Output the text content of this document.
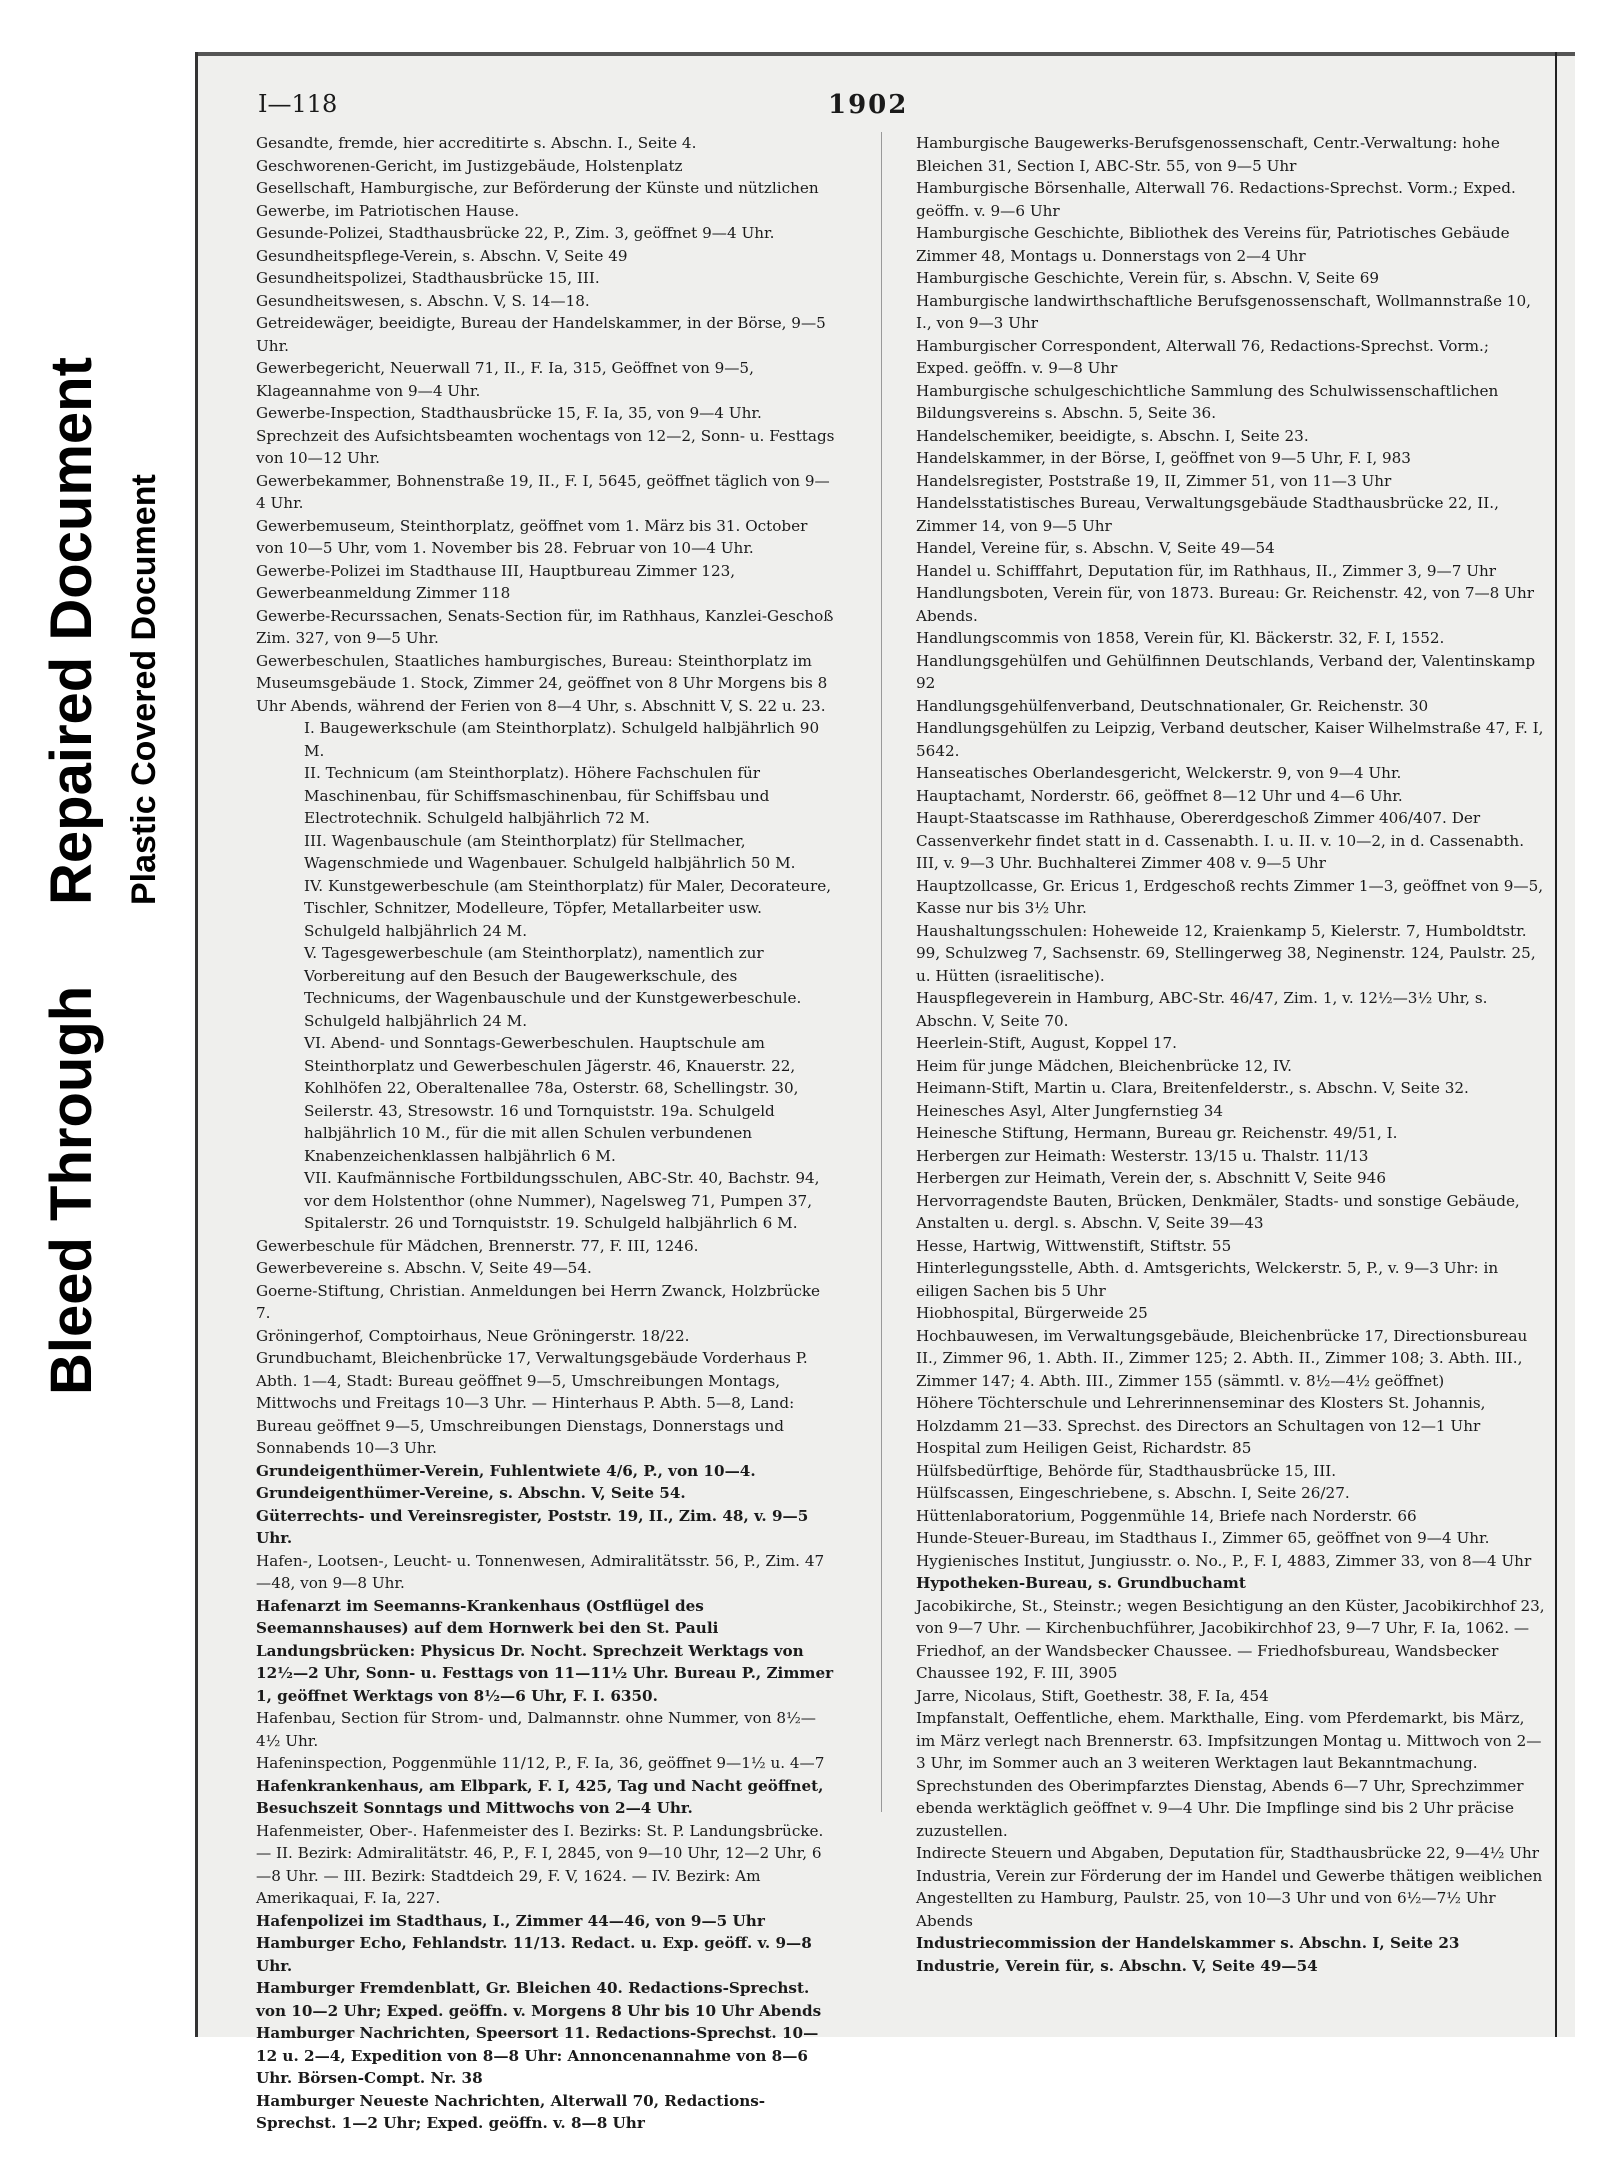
Bleed Through
Repaired Document Plastic Covered Document
I—118	1902

Gesandte, fremde, hier accreditirte s. Abschn. I., Seite 4.

Geschworenen-Gericht, im Justizgebäude, Holstenplatz

Gesellschaft, Hamburgische, zur Beförderung der Künste und nützlichen Gewerbe, im Patriotischen Hause.

Gesunde-Polizei, Stadthausbrücke 22, P., Zim. 3, geöffnet 9—4 Uhr.

Gesundheitspflege-Verein, s. Abschn. V, Seite 49

Gesundheitspolizei, Stadthausbrücke 15, III.

Gesundheitswesen, s. Abschn. V, S. 14—18.

Getreidewäger, beeidigte, Bureau der Handelskammer, in der Börse, 9—5 Uhr.

Gewerbegericht, Neuerwall 71, II., F. Ia, 315, Geöffnet von 9—5, Klageannahme von 9—4 Uhr.

Gewerbe-Inspection, Stadthausbrücke 15, F. Ia, 35, von 9—4 Uhr. Sprechzeit des Aufsichtsbeamten wochentags von 12—2, Sonn- u. Festtags von 10—12 Uhr.

Gewerbekammer, Bohnenstraße 19, II., F. I, 5645, geöffnet täglich von 9—4 Uhr.

Gewerbemuseum, Steinthorplatz, geöffnet vom 1. März bis 31. October von 10—5 Uhr, vom 1. November bis 28. Februar von 10—4 Uhr.

Gewerbe-Polizei im Stadthause III, Hauptbureau Zimmer 123, Gewerbeanmeldung Zimmer 118

Gewerbe-Recurssachen, Senats-Section für, im Rathhaus, Kanzlei-Geschoß Zim. 327, von 9—5 Uhr.

Gewerbeschulen, Staatliches hamburgisches, Bureau: Steinthorplatz im Museumsgebäude 1. Stock, Zimmer 24, geöffnet von 8 Uhr Morgens bis 8 Uhr Abends, während der Ferien von 8—4 Uhr, s. Abschnitt V, S. 22 u. 23.

I. Baugewerkschule (am Steinthorplatz). Schulgeld halbjährlich 90 M.

II. Technicum (am Steinthorplatz). Höhere Fachschulen für Maschinenbau, für Schiffsmaschinenbau, für Schiffsbau und Electrotechnik. Schulgeld halbjährlich 72 M.

III. Wagenbauschule (am Steinthorplatz) für Stellmacher, Wagenschmiede und Wagenbauer. Schulgeld halbjährlich 50 M.

IV. Kunstgewerbeschule (am Steinthorplatz) für Maler, Decorateure, Tischler, Schnitzer, Modelleure, Töpfer, Metallarbeiter usw. Schulgeld halbjährlich 24 M.

V. Tagesgewerbeschule (am Steinthorplatz), namentlich zur Vorbereitung auf den Besuch der Baugewerkschule, des Technicums, der Wagenbauschule und der Kunstgewerbeschule. Schulgeld halbjährlich 24 M.

VI. Abend- und Sonntags-Gewerbeschulen. Hauptschule am Steinthorplatz und Gewerbeschulen Jägerstr. 46, Knauerstr. 22, Kohlhöfen 22, Oberaltenallee 78a, Osterstr. 68, Schellingstr. 30, Seilerstr. 43, Stresowstr. 16 und Tornquiststr. 19a. Schulgeld halbjährlich 10 M., für die mit allen Schulen verbundenen Knabenzeichenklassen halbjährlich 6 M.

VII. Kaufmännische Fortbildungsschulen, ABC-Str. 40, Bachstr. 94, vor dem Holstenthor (ohne Nummer), Nagelsweg 71, Pumpen 37, Spitalerstr. 26 und Tornquiststr. 19. Schulgeld halbjährlich 6 M.

Gewerbeschule für Mädchen, Brennerstr. 77, F. III, 1246.

Gewerbevereine s. Abschn. V, Seite 49—54.

Goerne-Stiftung, Christian. Anmeldungen bei Herrn Zwanck, Holzbrücke 7.

Gröningerhof, Comptoirhaus, Neue Gröningerstr. 18/22.

Grundbuchamt, Bleichenbrücke 17, Verwaltungsgebäude Vorderhaus P. Abth. 1—4, Stadt: Bureau geöffnet 9—5, Umschreibungen Montags, Mittwochs und Freitags 10—3 Uhr. — Hinterhaus P. Abth. 5—8, Land: Bureau geöffnet 9—5, Umschreibungen Dienstags, Donnerstags und Sonnabends 10—3 Uhr.

Grundeigenthümer-Verein, Fuhlentwiete 4/6, P., von 10—4.

Grundeigenthümer-Vereine, s. Abschn. V, Seite 54.

Güterrechts- und Vereinsregister, Poststr. 19, II., Zim. 48, v. 9—5 Uhr.

Hafen-, Lootsen-, Leucht- u. Tonnenwesen, Admiralitätsstr. 56, P., Zim. 47—48, von 9—8 Uhr.

Hafenarzt im Seemanns-Krankenhaus (Ostflügel des Seemannshauses) auf dem Hornwerk bei den St. Pauli Landungsbrücken: Physicus Dr. Nocht. Sprechzeit Werktags von 12½—2 Uhr, Sonn- u. Festtags von 11—11½ Uhr. Bureau P., Zimmer 1, geöffnet Werktags von 8½—6 Uhr, F. I. 6350.

Hafenbau, Section für Strom- und, Dalmannstr. ohne Nummer, von 8½—4½ Uhr.

Hafeninspection, Poggenmühle 11/12, P., F. Ia, 36, geöffnet 9—1½ u. 4—7

Hafenkrankenhaus, am Elbpark, F. I, 425, Tag und Nacht geöffnet, Besuchszeit Sonntags und Mittwochs von 2—4 Uhr.

Hafenmeister, Ober-. Hafenmeister des I. Bezirks: St. P. Landungsbrücke. — II. Bezirk: Admiralitätstr. 46, P., F. I, 2845, von 9—10 Uhr, 12—2 Uhr, 6—8 Uhr. — III. Bezirk: Stadtdeich 29, F. V, 1624. — IV. Bezirk: Am Amerikaquai, F. Ia, 227.

Hafenpolizei im Stadthaus, I., Zimmer 44—46, von 9—5 Uhr

Hamburger Echo, Fehlandstr. 11/13. Redact. u. Exp. geöff. v. 9—8 Uhr.

Hamburger Fremdenblatt, Gr. Bleichen 40. Redactions-Sprechst. von 10—2 Uhr; Exped. geöffn. v. Morgens 8 Uhr bis 10 Uhr Abends

Hamburger Nachrichten, Speersort 11. Redactions-Sprechst. 10—12 u. 2—4, Expedition von 8—8 Uhr: Annoncenannahme von 8—6 Uhr. Börsen-Compt. Nr. 38

Hamburger Neueste Nachrichten, Alterwall 70, Redactions-Sprechst. 1—2 Uhr; Exped. geöffn. v. 8—8 Uhr

Hamburgische Baugewerks-Berufsgenossenschaft, Centr.-Verwaltung: hohe Bleichen 31, Section I, ABC-Str. 55, von 9—5 Uhr

Hamburgische Börsenhalle, Alterwall 76. Redactions-Sprechst. Vorm.; Exped. geöffn. v. 9—6 Uhr

Hamburgische Geschichte, Bibliothek des Vereins für, Patriotisches Gebäude Zimmer 48, Montags u. Donnerstags von 2—4 Uhr

Hamburgische Geschichte, Verein für, s. Abschn. V, Seite 69

Hamburgische landwirthschaftliche Berufsgenossenschaft, Wollmannstraße 10, I., von 9—3 Uhr

Hamburgischer Correspondent, Alterwall 76, Redactions-Sprechst. Vorm.; Exped. geöffn. v. 9—8 Uhr

Hamburgische schulgeschichtliche Sammlung des Schulwissenschaftlichen Bildungsvereins s. Abschn. 5, Seite 36.

Handelschemiker, beeidigte, s. Abschn. I, Seite 23.

Handelskammer, in der Börse, I, geöffnet von 9—5 Uhr, F. I, 983

Handelsregister, Poststraße 19, II, Zimmer 51, von 11—3 Uhr

Handelsstatistisches Bureau, Verwaltungsgebäude Stadthausbrücke 22, II., Zimmer 14, von 9—5 Uhr

Handel, Vereine für, s. Abschn. V, Seite 49—54

Handel u. Schifffahrt, Deputation für, im Rathhaus, II., Zimmer 3, 9—7 Uhr

Handlungsboten, Verein für, von 1873. Bureau: Gr. Reichenstr. 42, von 7—8 Uhr Abends.

Handlungscommis von 1858, Verein für, Kl. Bäckerstr. 32, F. I, 1552.

Handlungsgehülfen und Gehülfinnen Deutschlands, Verband der, Valentinskamp 92

Handlungsgehülfenverband, Deutschnationaler, Gr. Reichenstr. 30

Handlungsgehülfen zu Leipzig, Verband deutscher, Kaiser Wilhelmstraße 47, F. I, 5642.

Hanseatisches Oberlandesgericht, Welckerstr. 9, von 9—4 Uhr.

Hauptachamt, Norderstr. 66, geöffnet 8—12 Uhr und 4—6 Uhr.

Haupt-Staatscasse im Rathhause, Obererdgeschoß Zimmer 406/407. Der Cassenverkehr findet statt in d. Cassenabth. I. u. II. v. 10—2, in d. Cassenabth. III, v. 9—3 Uhr. Buchhalterei Zimmer 408 v. 9—5 Uhr

Hauptzollcasse, Gr. Ericus 1, Erdgeschoß rechts Zimmer 1—3, geöffnet von 9—5, Kasse nur bis 3½ Uhr.

Haushaltungsschulen: Hoheweide 12, Kraienkamp 5, Kielerstr. 7, Humboldtstr. 99, Schulzweg 7, Sachsenstr. 69, Stellingerweg 38, Neginenstr. 124, Paulstr. 25, u. Hütten (israelitische).

Hauspflegeverein in Hamburg, ABC-Str. 46/47, Zim. 1, v. 12½—3½ Uhr, s. Abschn. V, Seite 70.

Heerlein-Stift, August, Koppel 17.

Heim für junge Mädchen, Bleichenbrücke 12, IV.

Heimann-Stift, Martin u. Clara, Breitenfelderstr., s. Abschn. V, Seite 32.

Heinesches Asyl, Alter Jungfernstieg 34

Heinesche Stiftung, Hermann, Bureau gr. Reichenstr. 49/51, I.

Herbergen zur Heimath: Westerstr. 13/15 u. Thalstr. 11/13

Herbergen zur Heimath, Verein der, s. Abschnitt V, Seite 946

Hervorragendste Bauten, Brücken, Denkmäler, Stadts- und sonstige Gebäude, Anstalten u. dergl. s. Abschn. V, Seite 39—43

Hesse, Hartwig, Wittwenstift, Stiftstr. 55

Hinterlegungsstelle, Abth. d. Amtsgerichts, Welckerstr. 5, P., v. 9—3 Uhr: in eiligen Sachen bis 5 Uhr

Hiobhospital, Bürgerweide 25

Hochbauwesen, im Verwaltungsgebäude, Bleichenbrücke 17, Directionsbureau II., Zimmer 96, 1. Abth. II., Zimmer 125; 2. Abth. II., Zimmer 108; 3. Abth. III., Zimmer 147; 4. Abth. III., Zimmer 155 (sämmtl. v. 8½—4½ geöffnet)

Höhere Töchterschule und Lehrerinnenseminar des Klosters St. Johannis, Holzdamm 21—33. Sprechst. des Directors an Schultagen von 12—1 Uhr

Hospital zum Heiligen Geist, Richardstr. 85

Hülfsbedürftige, Behörde für, Stadthausbrücke 15, III.

Hülfscassen, Eingeschriebene, s. Abschn. I, Seite 26/27.

Hüttenlaboratorium, Poggenmühle 14, Briefe nach Norderstr. 66

Hunde-Steuer-Bureau, im Stadthaus I., Zimmer 65, geöffnet von 9—4 Uhr.

Hygienisches Institut, Jungiusstr. o. No., P., F. I, 4883, Zimmer 33, von 8—4 Uhr

Hypotheken-Bureau, s. Grundbuchamt

Jacobikirche, St., Steinstr.; wegen Besichtigung an den Küster, Jacobikirchhof 23, von 9—7 Uhr. — Kirchenbuchführer, Jacobikirchhof 23, 9—7 Uhr, F. Ia, 1062. — Friedhof, an der Wandsbecker Chaussee. — Friedhofsbureau, Wandsbecker Chaussee 192, F. III, 3905

Jarre, Nicolaus, Stift, Goethestr. 38, F. Ia, 454

Impfanstalt, Oeffentliche, ehem. Markthalle, Eing. vom Pferdemarkt, bis März, im März verlegt nach Brennerstr. 63. Impfsitzungen Montag u. Mittwoch von 2—3 Uhr, im Sommer auch an 3 weiteren Werktagen laut Bekanntmachung. Sprechstunden des Oberimpfarztes Dienstag, Abends 6—7 Uhr, Sprechzimmer ebenda werktäglich geöffnet v. 9—4 Uhr. Die Impflinge sind bis 2 Uhr präcise zuzustellen.

Indirecte Steuern und Abgaben, Deputation für, Stadthausbrücke 22, 9—4½ Uhr

Industria, Verein zur Förderung der im Handel und Gewerbe thätigen weiblichen Angestellten zu Hamburg, Paulstr. 25, von 10—3 Uhr und von 6½—7½ Uhr Abends

Industriecommission der Handelskammer s. Abschn. I, Seite 23

Industrie, Verein für, s. Abschn. V, Seite 49—54
